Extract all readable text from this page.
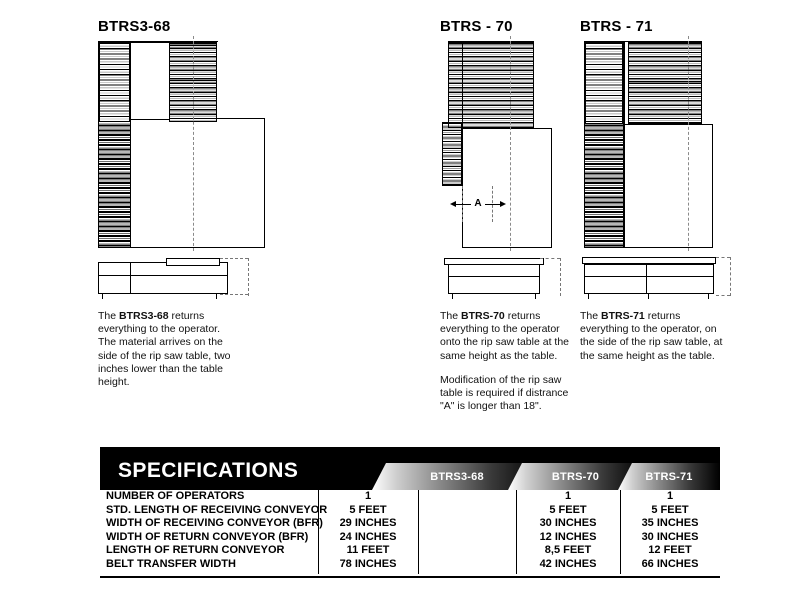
BTRS3-68

The BTRS3-68 returns everything to the operator. The material arrives on the side of the rip saw table, two inches lower than the table height.

BTRS - 70
A

The BTRS-70 returns everything to the operator onto the rip saw table at the same height as the table.

Modification of the rip saw table is required if distrance "A" is longer than 18".

BTRS - 71

The BTRS-71 returns everything to the operator, on the side of the rip saw table, at the same height as the table.

SPECIFICATIONS	BTRS3-68	BTRS-70	BTRS-71
NUMBER OF OPERATORS	1		1	1
STD. LENGTH OF RECEIVING CONVEYOR	5 FEET		5 FEET	5 FEET
WIDTH OF RECEIVING CONVEYOR (BFR)	29 INCHES		30 INCHES	35 INCHES
WIDTH OF RETURN CONVEYOR (BFR)	24 INCHES		12 INCHES	30 INCHES
LENGTH OF RETURN CONVEYOR	11 FEET		8,5 FEET	12 FEET
BELT TRANSFER WIDTH	78 INCHES		42 INCHES	66 INCHES
